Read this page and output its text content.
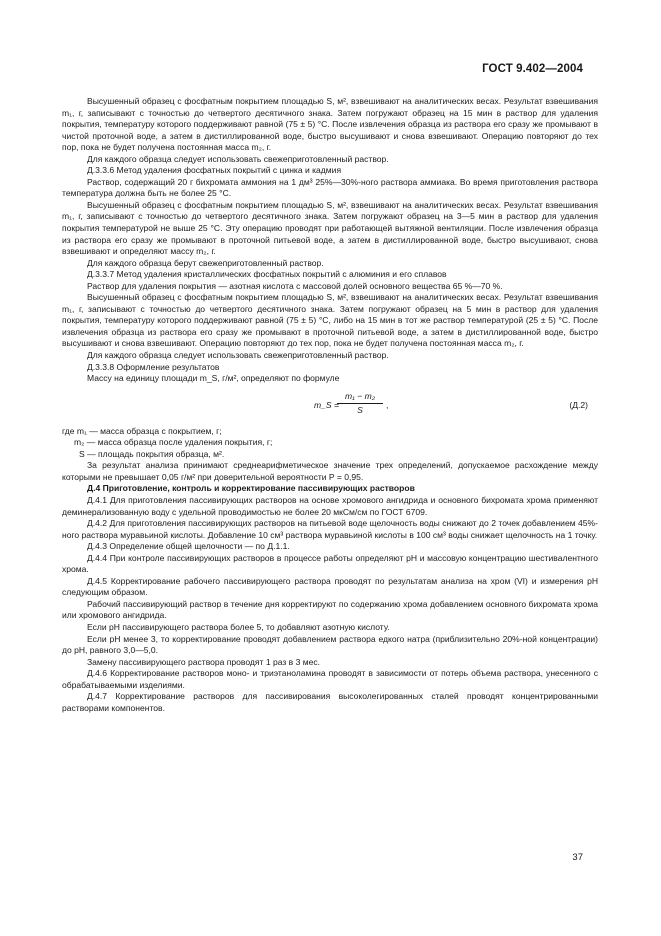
ГОСТ 9.402—2004

Высушенный образец с фосфатным покрытием площадью S, м², взвешивают на аналитических весах. Результат взвешивания m₁, г, записывают с точностью до четвертого десятичного знака. Затем погружают образец на 15 мин в раствор для удаления покрытия, температуру которого поддерживают равной (75 ± 5) °С. После извлечения образца из раствора его сразу же промывают в чистой проточной воде, а затем в дистиллированной воде, быстро высушивают и снова взвешивают. Операцию повторяют до тех пор, пока не будет получена постоянная масса m₂, г.

Для каждого образца следует использовать свежеприготовленный раствор.

Д.3.3.6 Метод удаления фосфатных покрытий с цинка и кадмия

Раствор, содержащий 20 г бихромата аммония на 1 дм³ 25%—30%-ного раствора аммиака. Во время приготовления раствора температура должна быть не более 25 °С.

Высушенный образец с фосфатным покрытием площадью S, м², взвешивают на аналитических весах. Результат взвешивания m₁, г, записывают с точностью до четвертого десятичного знака. Затем погружают образец на 3—5 мин в раствор для удаления покрытия температурой не выше 25 °С. Эту операцию проводят при работающей вытяжной вентиляции. После извлечения образца из раствора его сразу же промывают в проточной питьевой воде, а затем в дистиллированной воде, быстро высушивают, снова взвешивают и определяют массу m₂, г.

Для каждого образца берут свежеприготовленный раствор.

Д.3.3.7 Метод удаления кристаллических фосфатных покрытий с алюминия и его сплавов

Раствор для удаления покрытия — азотная кислота с массовой долей основного вещества 65 %—70 %.

Высушенный образец с фосфатным покрытием площадью S, м², взвешивают на аналитических весах. Результат взвешивания m₁, г, записывают с точностью до четвертого десятичного знака. Затем погружают образец на 5 мин в раствор для удаления покрытия, температуру которого поддерживают равной (75 ± 5) °С, либо на 15 мин в тот же раствор температурой (25 ± 5) °С. После извлечения образца из раствора его сразу же промывают в проточной питьевой воде, а затем в дистиллированной воде, быстро высушивают и снова взвешивают. Операцию повторяют до тех пор, пока не будет получена постоянная масса m₂, г.

Для каждого образца следует использовать свежеприготовленный раствор.

Д.3.3.8 Оформление результатов

Массу на единицу площади m_S, г/м², определяют по формуле

m_S =
$\frac{\text{m₁ − m₂}}{S}$ ,	(Д.2)

где m₁ — масса образца с покрытием, г;

m₂ — масса образца после удаления покрытия, г;

S — площадь покрытия образца, м².

За результат анализа принимают среднеарифметическое значение трех определений, допускаемое расхождение между которыми не превышает 0,05 г/м² при доверительной вероятности P = 0,95.

Д.4 Приготовление, контроль и корректирование пассивирующих растворов

Д.4.1 Для приготовления пассивирующих растворов на основе хромового ангидрида и основного бихромата хрома применяют деминерализованную воду с удельной проводимостью не более 20 мкСм/см по ГОСТ 6709.

Д.4.2 Для приготовления пассивирующих растворов на питьевой воде щелочность воды снижают до 2 точек добавлением 45%-ного раствора муравьиной кислоты. Добавление 10 см³ раствора муравьиной кислоты в 100 см³ воды снижает щелочность на 1 точку.

Д.4.3 Определение общей щелочности — по Д.1.1.

Д.4.4 При контроле пассивирующих растворов в процессе работы определяют pH и массовую концентрацию шестивалентного хрома.

Д.4.5 Корректирование рабочего пассивирующего раствора проводят по результатам анализа на хром (VI) и измерения pH следующим образом.

Рабочий пассивирующий раствор в течение дня корректируют по содержанию хрома добавлением основного бихромата хрома или хромового ангидрида.

Если pH пассивирующего раствора более 5, то добавляют азотную кислоту.

Если pH менее 3, то корректирование проводят добавлением раствора едкого натра (приблизительно 20%-ной концентрации) до pH, равного 3,0—5,0.

Замену пассивирующего раствора проводят 1 раз в 3 мес.

Д.4.6 Корректирование растворов моно- и триэтаноламина проводят в зависимости от потерь объема раствора, унесенного с обрабатываемыми изделиями.

Д.4.7 Корректирование растворов для пассивирования высоколегированных сталей проводят концентрированными растворами компонентов.

37
